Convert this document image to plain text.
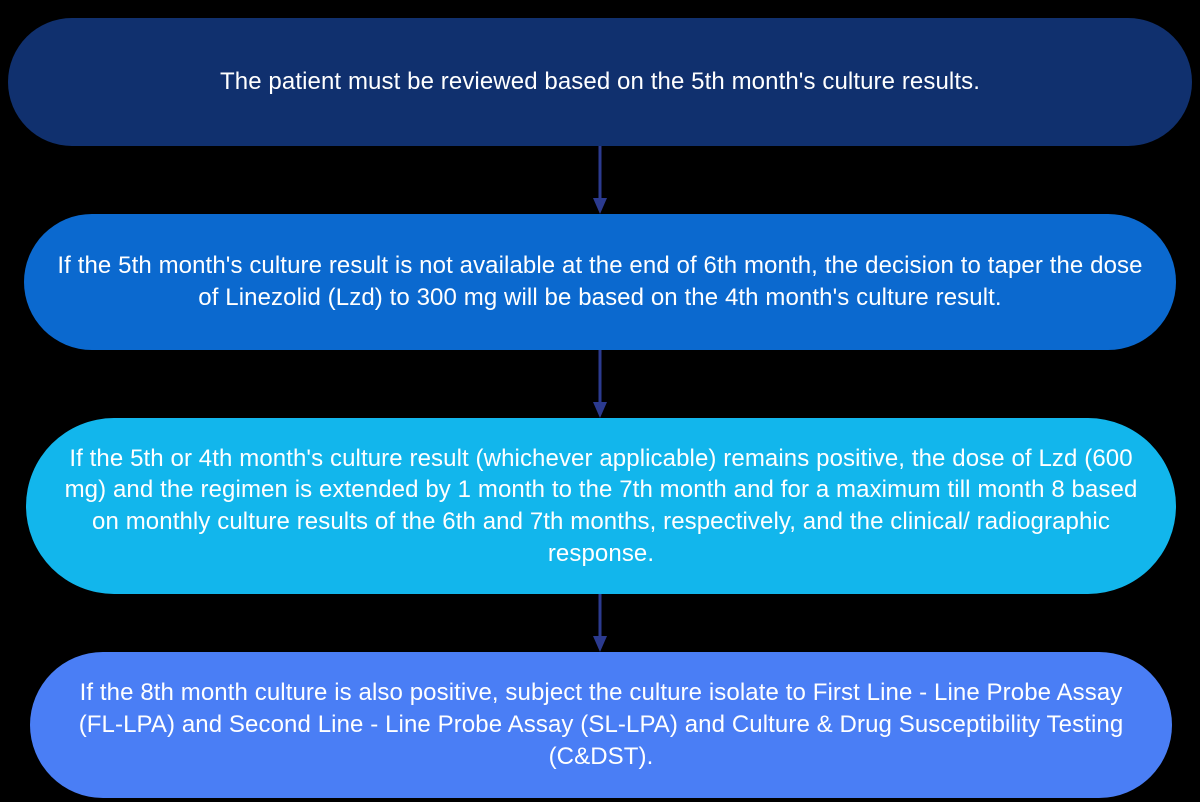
The patient must be reviewed based on the 5th month's culture results.
If the 5th month's culture result is not available at the end of 6th month, the decision to taper the dose of Linezolid (Lzd) to 300 mg will be based on the 4th month's culture result.
If the 5th or 4th month's culture result (whichever applicable) remains positive, the dose of Lzd (600 mg) and the regimen is extended by 1 month to the 7th month and for a maximum till month 8 based on monthly culture results of the 6th and 7th months, respectively, and the clinical/ radiographic response.
If the 8th month culture is also positive, subject the culture isolate to First Line - Line Probe Assay (FL-LPA) and Second Line - Line Probe Assay (SL-LPA) and Culture & Drug Susceptibility Testing (C&DST).
